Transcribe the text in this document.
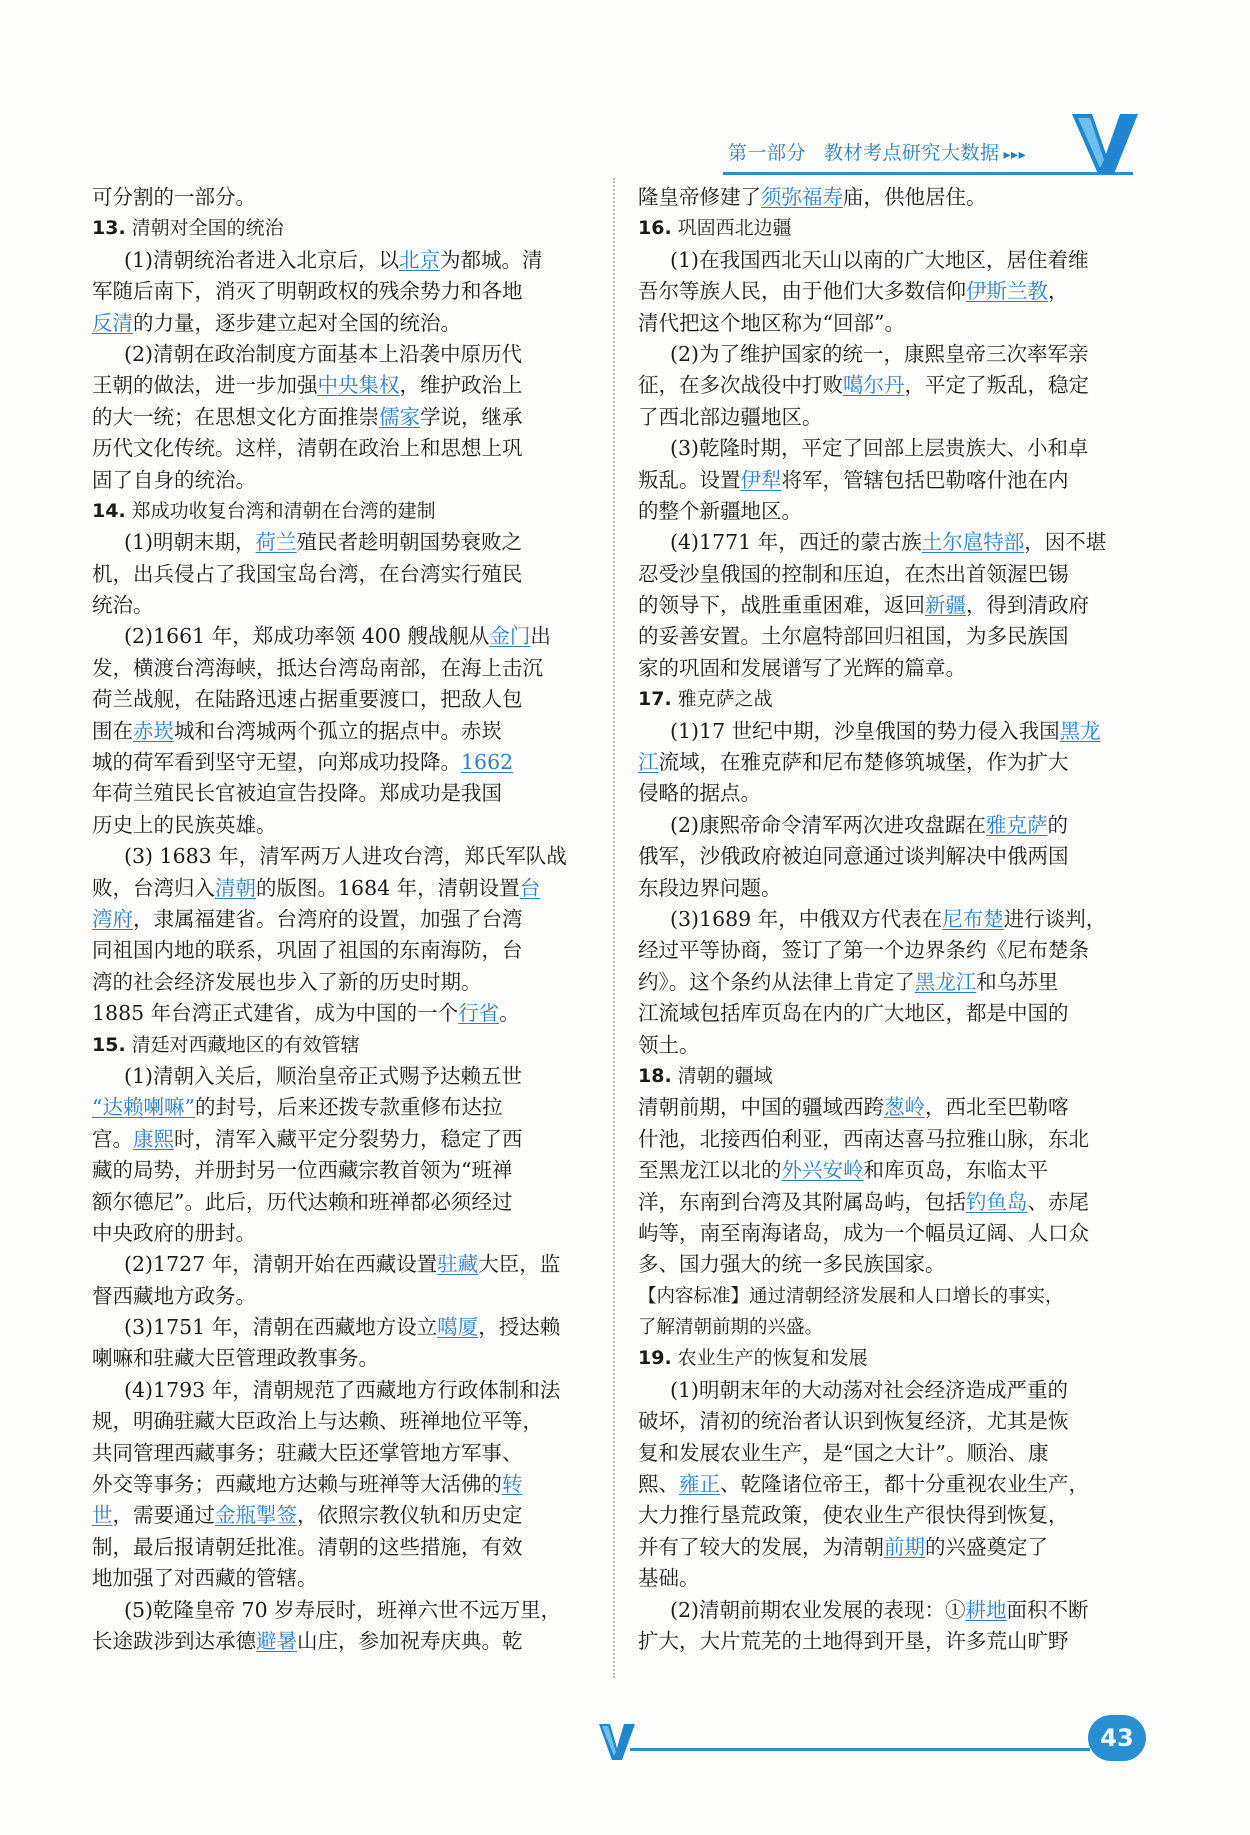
第一部分 教材考点研究大数据 ▸▸▸
可分割的一部分。
13. 清朝对全国的统治
(1)清朝统治者进入北京后，以北京为都城。清
军随后南下，消灭了明朝政权的残余势力和各地
反清的力量，逐步建立起对全国的统治。
(2)清朝在政治制度方面基本上沿袭中原历代
王朝的做法，进一步加强中央集权，维护政治上
的大一统；在思想文化方面推崇儒家学说，继承
历代文化传统。这样，清朝在政治上和思想上巩
固了自身的统治。
14. 郑成功收复台湾和清朝在台湾的建制
(1)明朝末期，荷兰殖民者趁明朝国势衰败之
机，出兵侵占了我国宝岛台湾，在台湾实行殖民
统治。
(2)1661 年，郑成功率领 400 艘战舰从金门出
发，横渡台湾海峡，抵达台湾岛南部，在海上击沉
荷兰战舰，在陆路迅速占据重要渡口，把敌人包
围在赤崁城和台湾城两个孤立的据点中。赤崁
城的荷军看到坚守无望，向郑成功投降。1662
年荷兰殖民长官被迫宣告投降。郑成功是我国
历史上的民族英雄。
(3) 1683 年，清军两万人进攻台湾，郑氏军队战
败，台湾归入清朝的版图。1684 年，清朝设置台
湾府，隶属福建省。台湾府的设置，加强了台湾
同祖国内地的联系，巩固了祖国的东南海防，台
湾的社会经济发展也步入了新的历史时期。
1885 年台湾正式建省，成为中国的一个行省。
15. 清廷对西藏地区的有效管辖
(1)清朝入关后，顺治皇帝正式赐予达赖五世
“达赖喇嘛”的封号，后来还拨专款重修布达拉
宫。康熙时，清军入藏平定分裂势力，稳定了西
藏的局势，并册封另一位西藏宗教首领为“班禅
额尔德尼”。此后，历代达赖和班禅都必须经过
中央政府的册封。
(2)1727 年，清朝开始在西藏设置驻藏大臣，监
督西藏地方政务。
(3)1751 年，清朝在西藏地方设立噶厦，授达赖
喇嘛和驻藏大臣管理政教事务。
(4)1793 年，清朝规范了西藏地方行政体制和法
规，明确驻藏大臣政治上与达赖、班禅地位平等，
共同管理西藏事务；驻藏大臣还掌管地方军事、
外交等事务；西藏地方达赖与班禅等大活佛的转
世，需要通过金瓶掣签，依照宗教仪轨和历史定
制，最后报请朝廷批准。清朝的这些措施，有效
地加强了对西藏的管辖。
(5)乾隆皇帝 70 岁寿辰时，班禅六世不远万里，
长途跋涉到达承德避暑山庄，参加祝寿庆典。乾
隆皇帝修建了须弥福寿庙，供他居住。
16. 巩固西北边疆
(1)在我国西北天山以南的广大地区，居住着维
吾尔等族人民，由于他们大多数信仰伊斯兰教，
清代把这个地区称为“回部”。
(2)为了维护国家的统一，康熙皇帝三次率军亲
征，在多次战役中打败噶尔丹，平定了叛乱，稳定
了西北部边疆地区。
(3)乾隆时期，平定了回部上层贵族大、小和卓
叛乱。设置伊犁将军，管辖包括巴勒喀什池在内
的整个新疆地区。
(4)1771 年，西迁的蒙古族土尔扈特部，因不堪
忍受沙皇俄国的控制和压迫，在杰出首领渥巴锡
的领导下，战胜重重困难，返回新疆，得到清政府
的妥善安置。土尔扈特部回归祖国，为多民族国
家的巩固和发展谱写了光辉的篇章。
17. 雅克萨之战
(1)17 世纪中期，沙皇俄国的势力侵入我国黑龙
江流域，在雅克萨和尼布楚修筑城堡，作为扩大
侵略的据点。
(2)康熙帝命令清军两次进攻盘踞在雅克萨的
俄军，沙俄政府被迫同意通过谈判解决中俄两国
东段边界问题。
(3)1689 年，中俄双方代表在尼布楚进行谈判，
经过平等协商，签订了第一个边界条约《尼布楚条
约》。这个条约从法律上肯定了黑龙江和乌苏里
江流域包括库页岛在内的广大地区，都是中国的
领土。
18. 清朝的疆域
清朝前期，中国的疆域西跨葱岭，西北至巴勒喀
什池，北接西伯利亚，西南达喜马拉雅山脉，东北
至黑龙江以北的外兴安岭和库页岛，东临太平
洋，东南到台湾及其附属岛屿，包括钓鱼岛、赤尾
屿等，南至南海诸岛，成为一个幅员辽阔、人口众
多、国力强大的统一多民族国家。
【内容标准】通过清朝经济发展和人口增长的事实，
了解清朝前期的兴盛。
19. 农业生产的恢复和发展
(1)明朝末年的大动荡对社会经济造成严重的
破坏，清初的统治者认识到恢复经济，尤其是恢
复和发展农业生产，是“国之大计”。顺治、康
熙、雍正、乾隆诸位帝王，都十分重视农业生产，
大力推行垦荒政策，使农业生产很快得到恢复，
并有了较大的发展，为清朝前期的兴盛奠定了
基础。
(2)清朝前期农业发展的表现：①耕地面积不断
扩大，大片荒芜的土地得到开垦，许多荒山旷野
43
